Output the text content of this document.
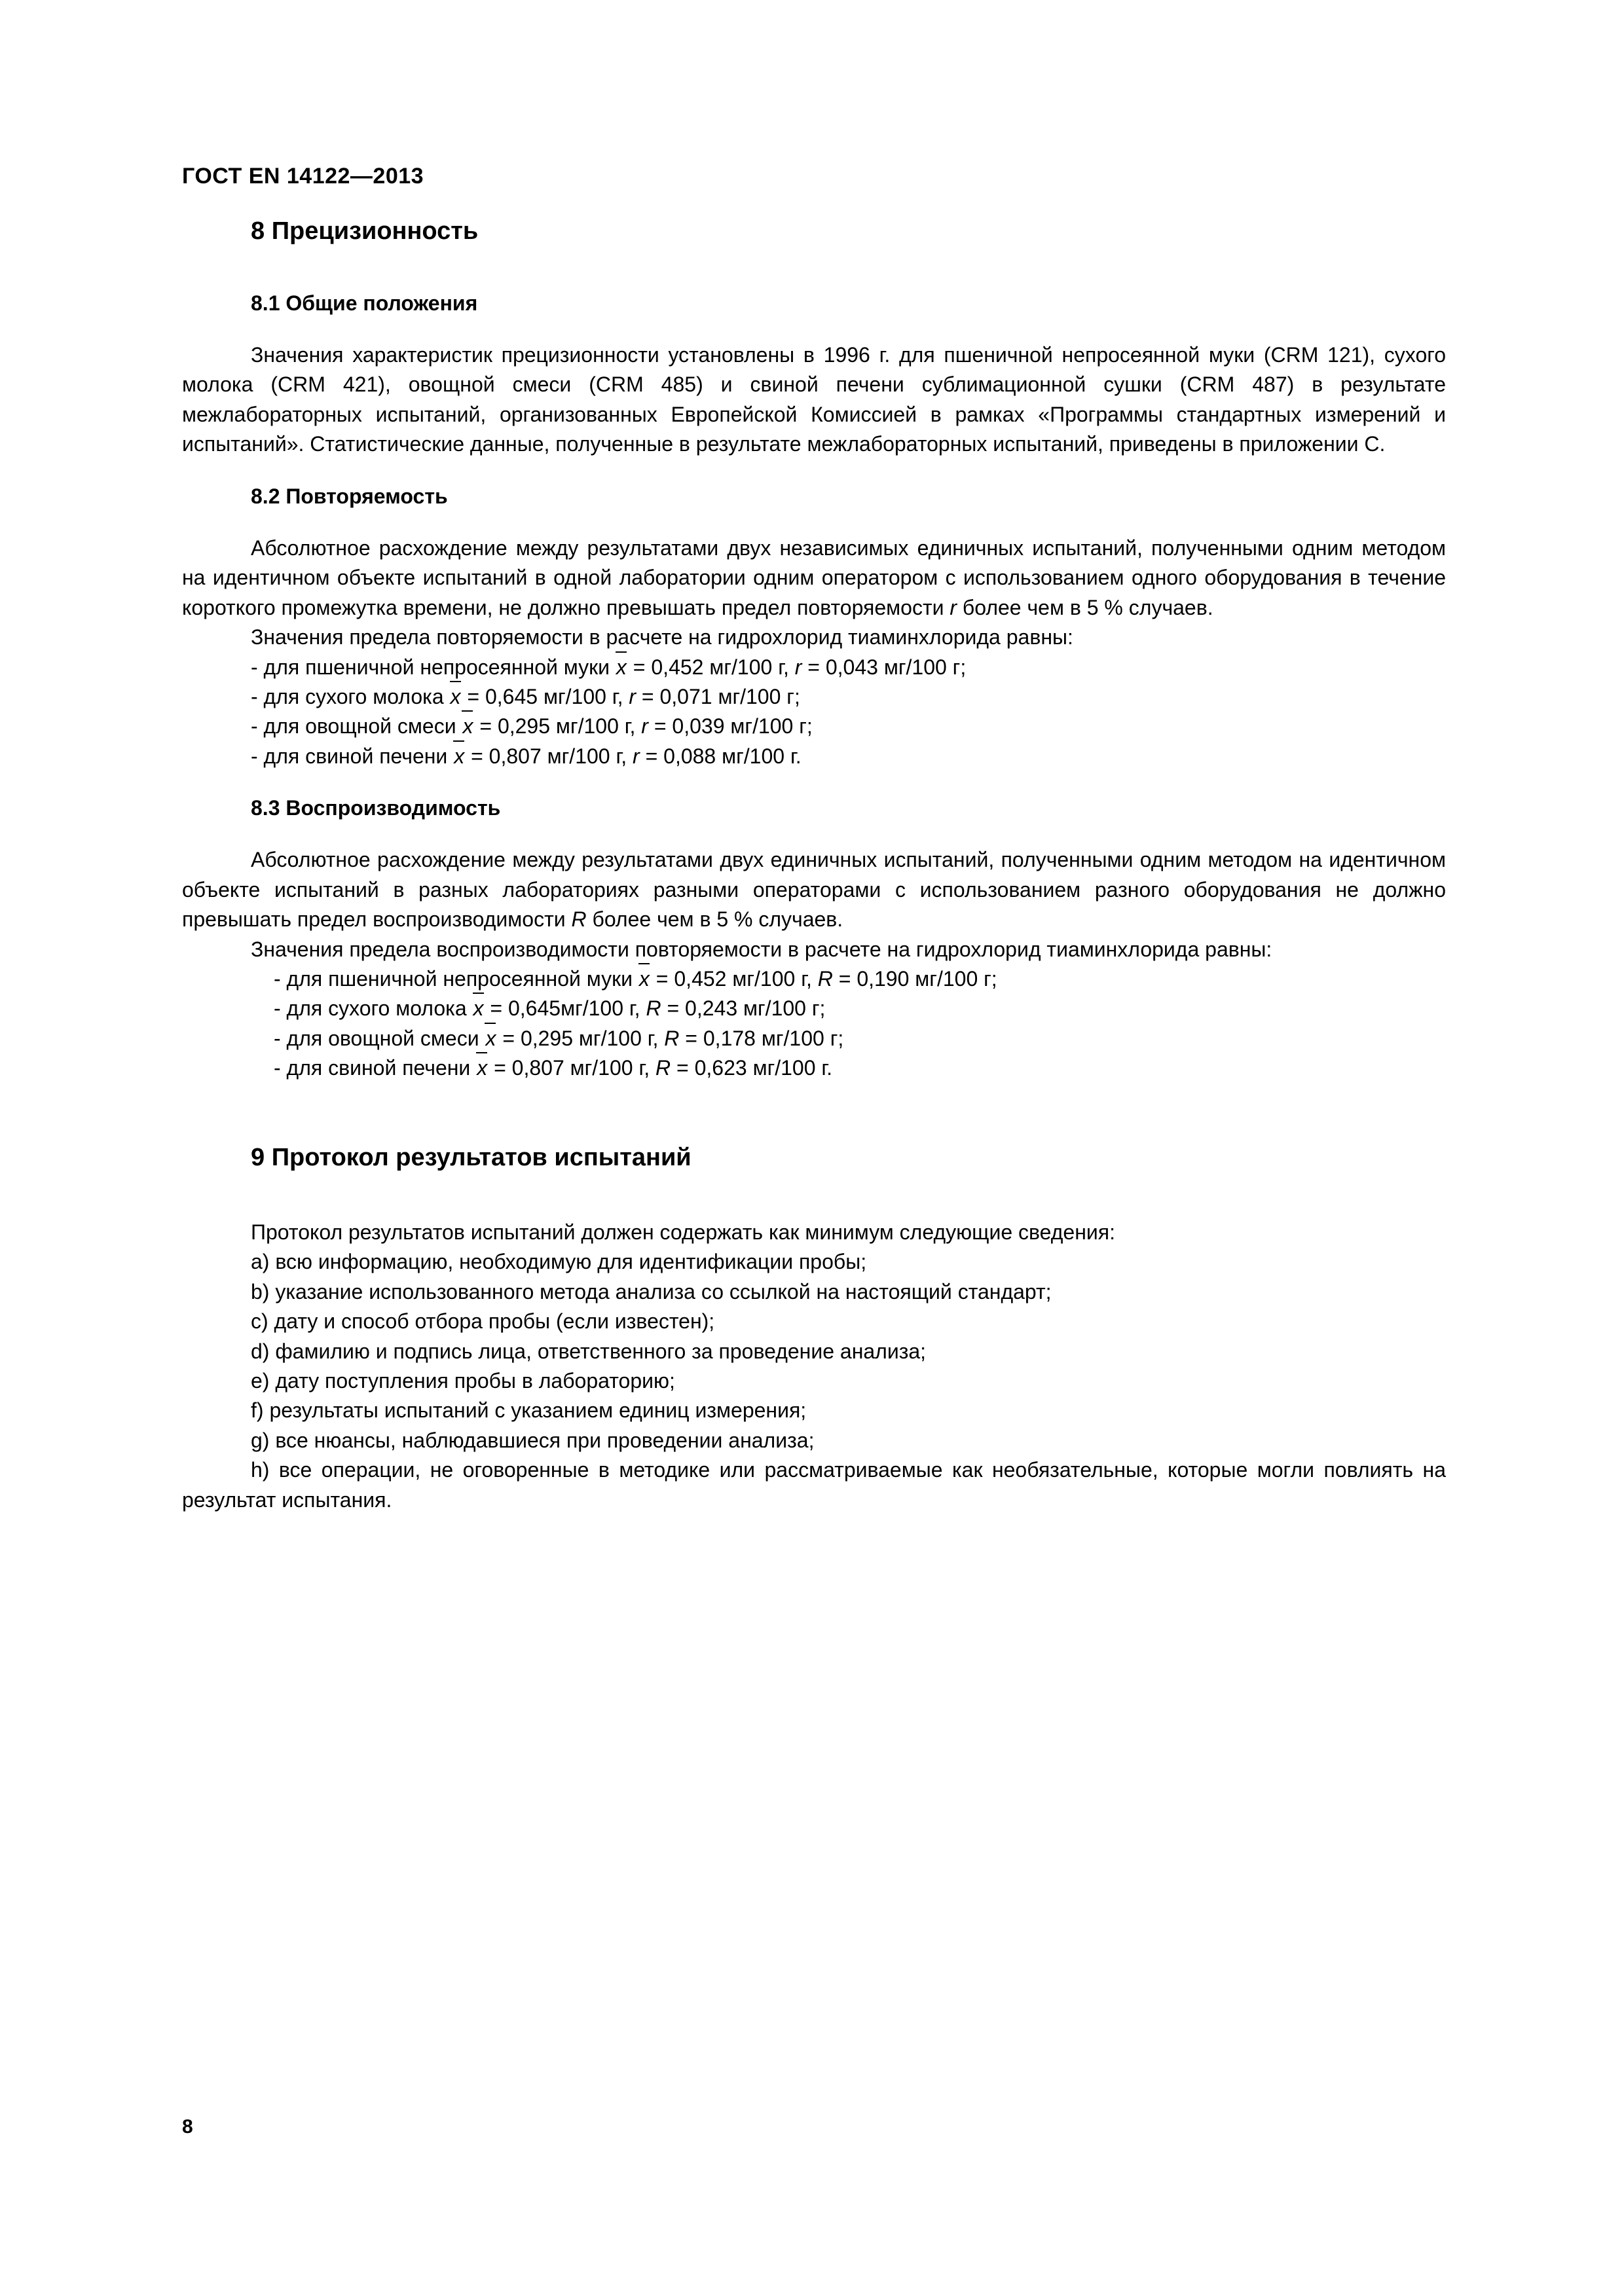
ГОСТ EN 14122—2013
8 Прецизионность
8.1 Общие положения

Значения характеристик прецизионности установлены в 1996 г. для пшеничной непросеянной муки (CRM 121), сухого молока (CRM 421), овощной смеси (CRM 485) и свиной печени сублимационной сушки (CRM 487) в результате межлабораторных испытаний, организованных Европейской Комиссией в рамках «Программы стандартных измерений и испытаний». Статистические данные, полученные в результате межлабораторных испытаний, приведены в приложении С.

8.2 Повторяемость

Абсолютное расхождение между результатами двух независимых единичных испытаний, полученными одним методом на идентичном объекте испытаний в одной лаборатории одним оператором с использованием одного оборудования в течение короткого промежутка времени, не должно превышать предел повторяемости r более чем в 5 % случаев.

Значения предела повторяемости в расчете на гидрохлорид тиаминхлорида равны:

- для пшеничной непросеянной муки x = 0,452 мг/100 г, r = 0,043 мг/100 г;
- для сухого молока x = 0,645 мг/100 г, r = 0,071 мг/100 г;
- для овощной смеси x = 0,295 мг/100 г, r = 0,039 мг/100 г;
- для свиной печени x = 0,807 мг/100 г, r = 0,088 мг/100 г.
8.3 Воспроизводимость

Абсолютное расхождение между результатами двух единичных испытаний, полученными одним методом на идентичном объекте испытаний в разных лабораториях разными операторами с использованием разного оборудования не должно превышать предел воспроизводимости R более чем в 5 % случаев.

Значения предела воспроизводимости повторяемости в расчете на гидрохлорид тиаминхлорида равны:

- для пшеничной непросеянной муки x = 0,452 мг/100 г, R = 0,190 мг/100 г;
- для сухого молока x = 0,645мг/100 г, R = 0,243 мг/100 г;
- для овощной смеси x = 0,295 мг/100 г, R = 0,178 мг/100 г;
- для свиной печени x = 0,807 мг/100 г, R = 0,623 мг/100 г.
9 Протокол результатов испытаний

Протокол результатов испытаний должен содержать как минимум следующие сведения:

a) всю информацию, необходимую для идентификации пробы;
b) указание использованного метода анализа со ссылкой на настоящий стандарт;
c) дату и способ отбора пробы (если известен);
d) фамилию и подпись лица, ответственного за проведение анализа;
e) дату поступления пробы в лабораторию;
f) результаты испытаний с указанием единиц измерения;
g) все нюансы, наблюдавшиеся при проведении анализа;

h) все операции, не оговоренные в методике или рассматриваемые как необязательные, которые могли повлиять на результат испытания.

8
